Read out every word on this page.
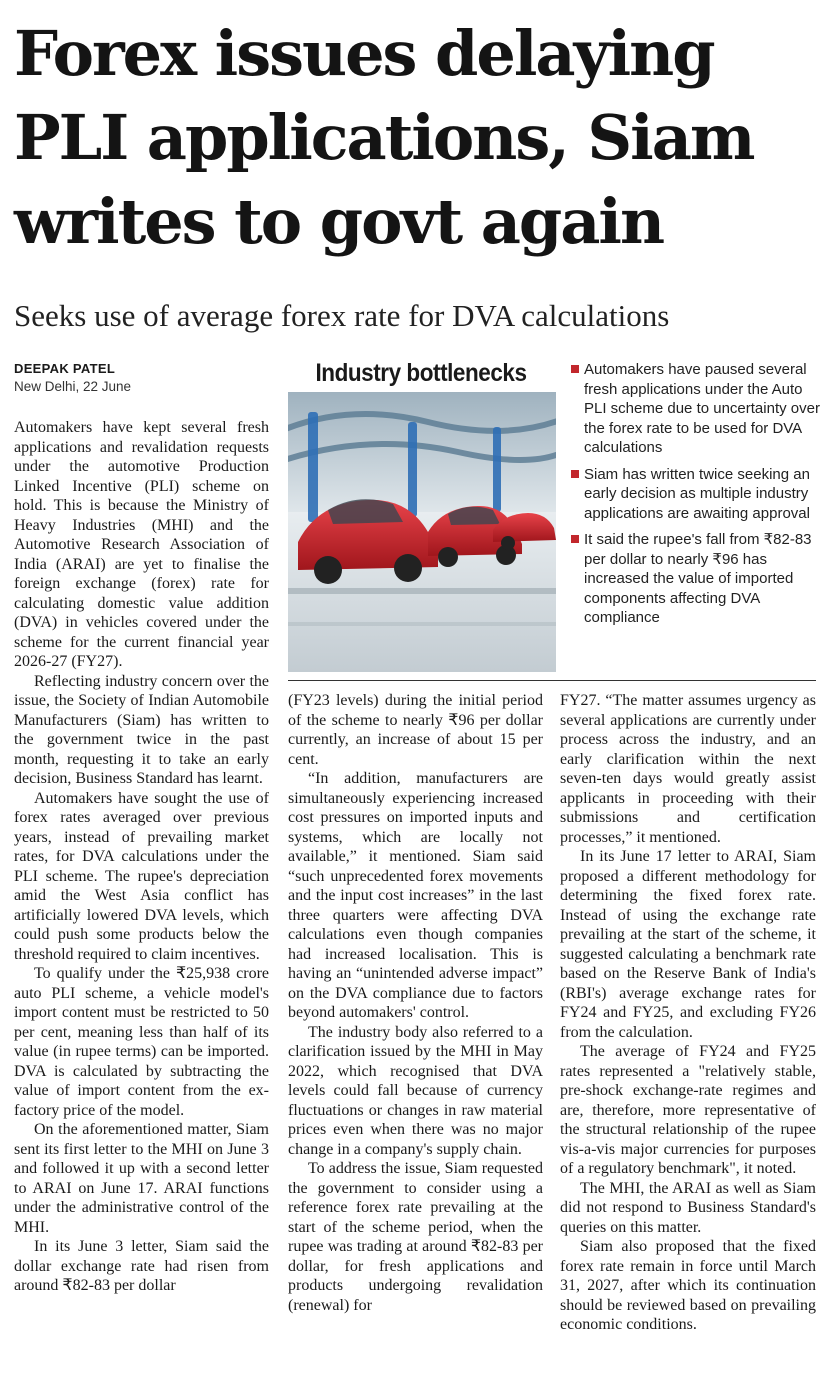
Forex issues delaying PLI applications, Siam writes to govt again

Seeks use of average forex rate for DVA calculations

DEEPAK PATEL
New Delhi, 22 June	Industry bottlenecks	Automakers have paused several fresh applications under the Auto PLI scheme due to uncertainty over the forex rate to be used for DVA calculations
Siam has written twice seeking an early decision as multiple industry applications are awaiting approval
It said the rupee's fall from ₹82-83 per dollar to nearly ₹96 has increased the value of imported components affecting DVA compliance

Automakers have kept several fresh applications and revalidation requests under the automotive Production Linked Incentive (PLI) scheme on hold. This is because the Ministry of Heavy Industries (MHI) and the Automotive Research Association of India (ARAI) are yet to finalise the foreign exchange (forex) rate for calculating domestic value addition (DVA) in vehicles covered under the scheme for the current financial year 2026-27 (FY27).

Reflecting industry concern over the issue, the Society of Indian Automobile Manufacturers (Siam) has written to the government twice in the past month, requesting it to take an early decision, Business Standard has learnt.

Automakers have sought the use of forex rates averaged over previous years, instead of prevailing market rates, for DVA calculations under the PLI scheme. The rupee's depreciation amid the West Asia conflict has artificially lowered DVA levels, which could push some products below the threshold required to claim incentives.

To qualify under the ₹25,938 crore auto PLI scheme, a vehicle model's import content must be restricted to 50 per cent, meaning less than half of its value (in rupee terms) can be imported. DVA is calculated by subtracting the value of import content from the ex-factory price of the model.

On the aforementioned matter, Siam sent its first letter to the MHI on June 3 and followed it up with a second letter to ARAI on June 17. ARAI functions under the administrative control of the MHI.

In its June 3 letter, Siam said the dollar exchange rate had risen from around ₹82-83 per dollar

(FY23 levels) during the initial period of the scheme to nearly ₹96 per dollar currently, an increase of about 15 per cent.

“In addition, manufacturers are simultaneously experiencing increased cost pressures on imported inputs and systems, which are locally not available,” it mentioned. Siam said “such unprecedented forex movements and the input cost increases” in the last three quarters were affecting DVA calculations even though companies had increased localisation. This is having an “unintended adverse impact” on the DVA compliance due to factors beyond automakers' control.

The industry body also referred to a clarification issued by the MHI in May 2022, which recognised that DVA levels could fall because of currency fluctuations or changes in raw material prices even when there was no major change in a company's supply chain.

To address the issue, Siam requested the government to consider using a reference forex rate prevailing at the start of the scheme period, when the rupee was trading at around ₹82-83 per dollar, for fresh applications and products undergoing revalidation (renewal) for

FY27. “The matter assumes urgency as several applications are currently under process across the industry, and an early clarification within the next seven-ten days would greatly assist applicants in proceeding with their submissions and certification processes,” it mentioned.

In its June 17 letter to ARAI, Siam proposed a different methodology for determining the fixed forex rate. Instead of using the exchange rate prevailing at the start of the scheme, it suggested calculating a benchmark rate based on the Reserve Bank of India's (RBI's) average exchange rates for FY24 and FY25, and excluding FY26 from the calculation.

The average of FY24 and FY25 rates represented a "relatively stable, pre-shock exchange-rate regimes and are, therefore, more representative of the structural relationship of the rupee vis-a-vis major currencies for purposes of a regulatory benchmark", it noted.

The MHI, the ARAI as well as Siam did not respond to Business Standard's queries on this matter.

Siam also proposed that the fixed forex rate remain in force until March 31, 2027, after which its continuation should be reviewed based on prevailing economic conditions.
